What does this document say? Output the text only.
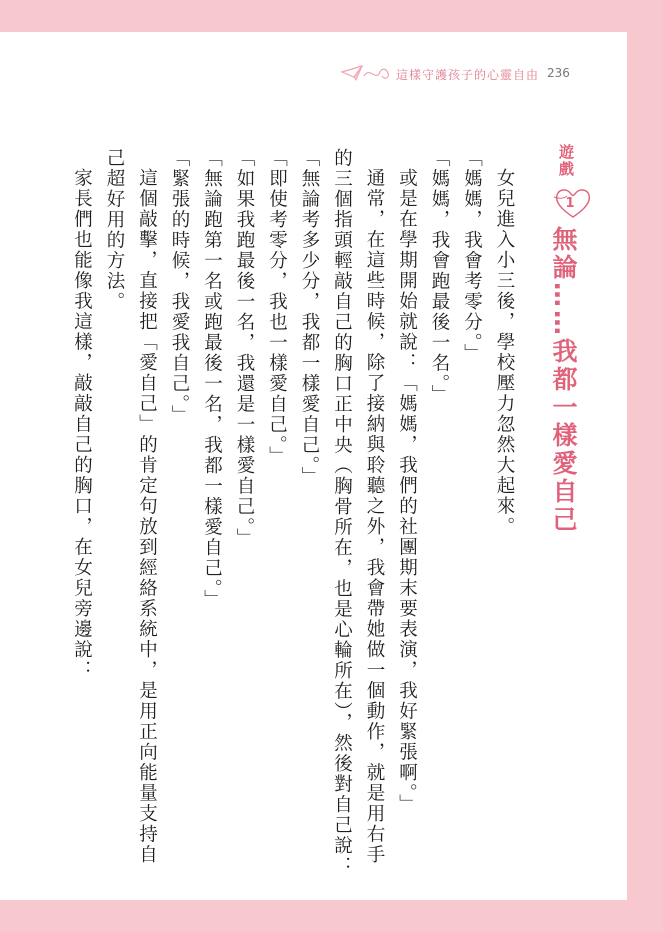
這樣守護孩子的心靈自由 236
遊戲
1
無論……我都一樣愛自己

女兒進入小三後，學校壓力忽然大起來。

「媽媽，我會考零分。」

「媽媽，我會跑最後一名。」

或是在學期開始就說：「媽媽，我們的社團期末要表演，我好緊張啊。」

通常，在這些時候，除了接納與聆聽之外，我會帶她做一個動作，就是用右手的三個指頭輕敲自己的胸口正中央（胸骨所在，也是心輪所在），然後對自己說：

「無論考多少分，我都一樣愛自己。」

「即使考零分，我也一樣愛自己。」

「如果我跑最後一名，我還是一樣愛自己。」

「無論跑第一名或跑最後一名，我都一樣愛自己。」

「緊張的時候，我愛我自己。」

這個敲擊，直接把「愛自己」的肯定句放到經絡系統中，是用正向能量支持自己超好用的方法。

家長們也能像我這樣，敲敲自己的胸口，在女兒旁邊說：
